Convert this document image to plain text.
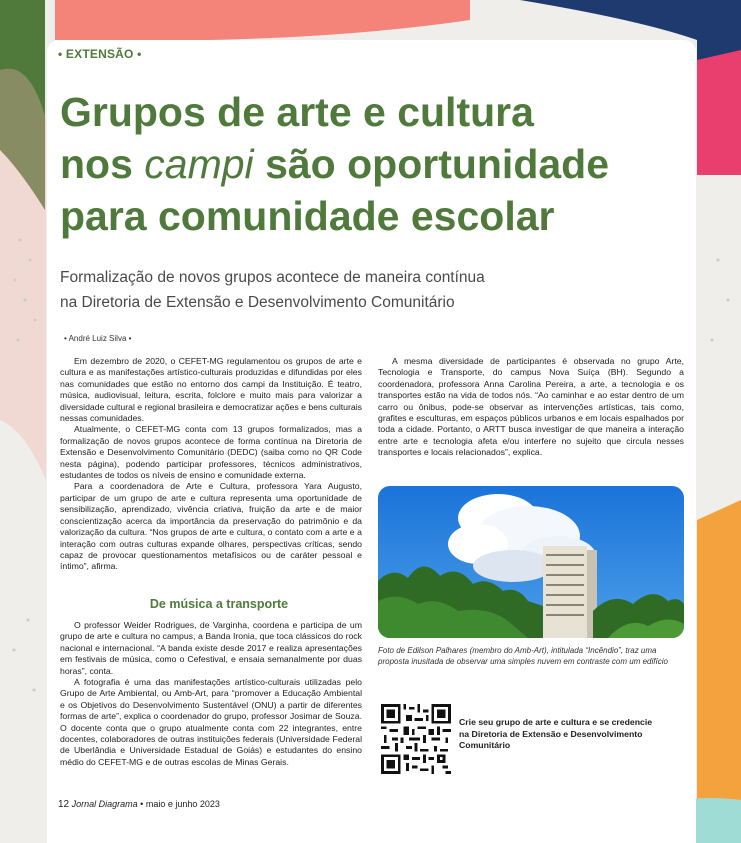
• EXTENSÃO •
Grupos de arte e cultura
nos campi são oportunidade
para comunidade escolar
Formalização de novos grupos acontece de maneira contínua
na Diretoria de Extensão e Desenvolvimento Comunitário
• André Luiz Silva •

Em dezembro de 2020, o CEFET-MG regulamentou os grupos de arte e cultura e as manifestações artístico-culturais produzidas e difundidas por eles nas comunidades que estão no entorno dos campi da Instituição. É teatro, música, audiovisual, leitura, escrita, folclore e muito mais para valorizar a diversidade cultural e regional brasileira e democratizar ações e bens culturais nessas comunidades.

Atualmente, o CEFET-MG conta com 13 grupos formalizados, mas a formalização de novos grupos acontece de forma contínua na Diretoria de Extensão e Desenvolvimento Comunitário (DEDC) (saiba como no QR Code nesta página), podendo participar professores, técnicos administrativos, estudantes de todos os níveis de ensino e comunidade externa.

Para a coordenadora de Arte e Cultura, professora Yara Augusto, participar de um grupo de arte e cultura representa uma oportunidade de sensibilização, aprendizado, vivência criativa, fruição da arte e de maior conscientização acerca da importância da preservação do patrimônio e da valorização da cultura. “Nos grupos de arte e cultura, o contato com a arte e a interação com outras culturas expande olhares, perspectivas críticas, sendo capaz de provocar questionamentos metafísicos ou de caráter pessoal e íntimo”, afirma.

De música a transporte

O professor Weider Rodrigues, de Varginha, coordena e participa de um grupo de arte e cultura no campus, a Banda Ironia, que toca clássicos do rock nacional e internacional. “A banda existe desde 2017 e realiza apresentações em festivais de música, como o Cefestival, e ensaia semanalmente por duas horas”, conta.

A fotografia é uma das manifestações artístico-culturais utilizadas pelo Grupo de Arte Ambiental, ou Amb-Art, para “promover a Educação Ambiental e os Objetivos do Desenvolvimento Sustentável (ONU) a partir de diferentes formas de arte”, explica o coordenador do grupo, professor Josimar de Souza. O docente conta que o grupo atualmente conta com 22 integrantes, entre docentes, colaboradores de outras instituições federais (Universidade Federal de Uberlândia e Universidade Estadual de Goiás) e estudantes do ensino médio do CEFET-MG e de outras escolas de Minas Gerais.

A mesma diversidade de participantes é observada no grupo Arte, Tecnologia e Transporte, do campus Nova Suíça (BH). Segundo a coordenadora, professora Anna Carolina Pereira, a arte, a tecnologia e os transportes estão na vida de todos nós. “Ao caminhar e ao estar dentro de um carro ou ônibus, pode-se observar as intervenções artísticas, tais como, grafites e esculturas, em espaços públicos urbanos e em locais espalhados por toda a cidade. Portanto, o ARTT busca investigar de que maneira a interação entre arte e tecnologia afeta e/ou interfere no sujeito que circula nesses transportes e locais relacionados”, explica.

Foto de Edilson Palhares (membro do Amb-Art), intitulada “Incêndio”, traz uma proposta inusitada de observar uma simples nuvem em contraste com um edifício
Crie seu grupo de arte e cultura e se credencie na Diretoria de Extensão e Desenvolvimento Comunitário
12 Jornal Diagrama • maio e junho 2023
